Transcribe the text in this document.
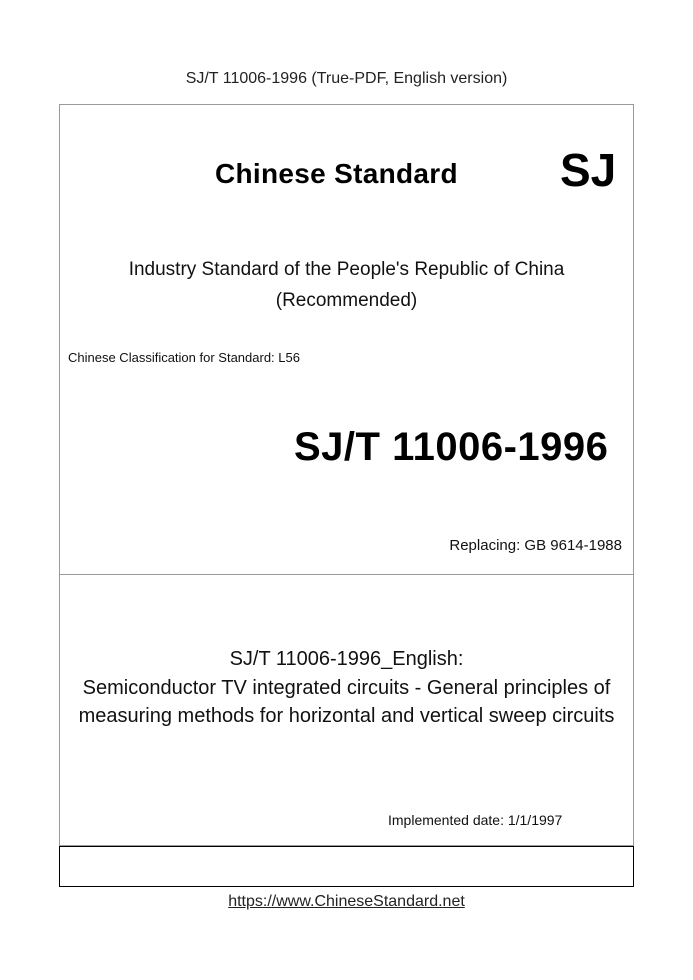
SJ/T 11006-1996 (True-PDF, English version)
Chinese Standard SJ
Industry Standard of the People's Republic of China
(Recommended)
Chinese Classification for Standard: L56
SJ/T 11006-1996
Replacing: GB 9614-1988
SJ/T 11006-1996_English:
Semiconductor TV integrated circuits - General principles of
measuring methods for horizontal and vertical sweep circuits
Implemented date: 1/1/1997
https://www.ChineseStandard.net
